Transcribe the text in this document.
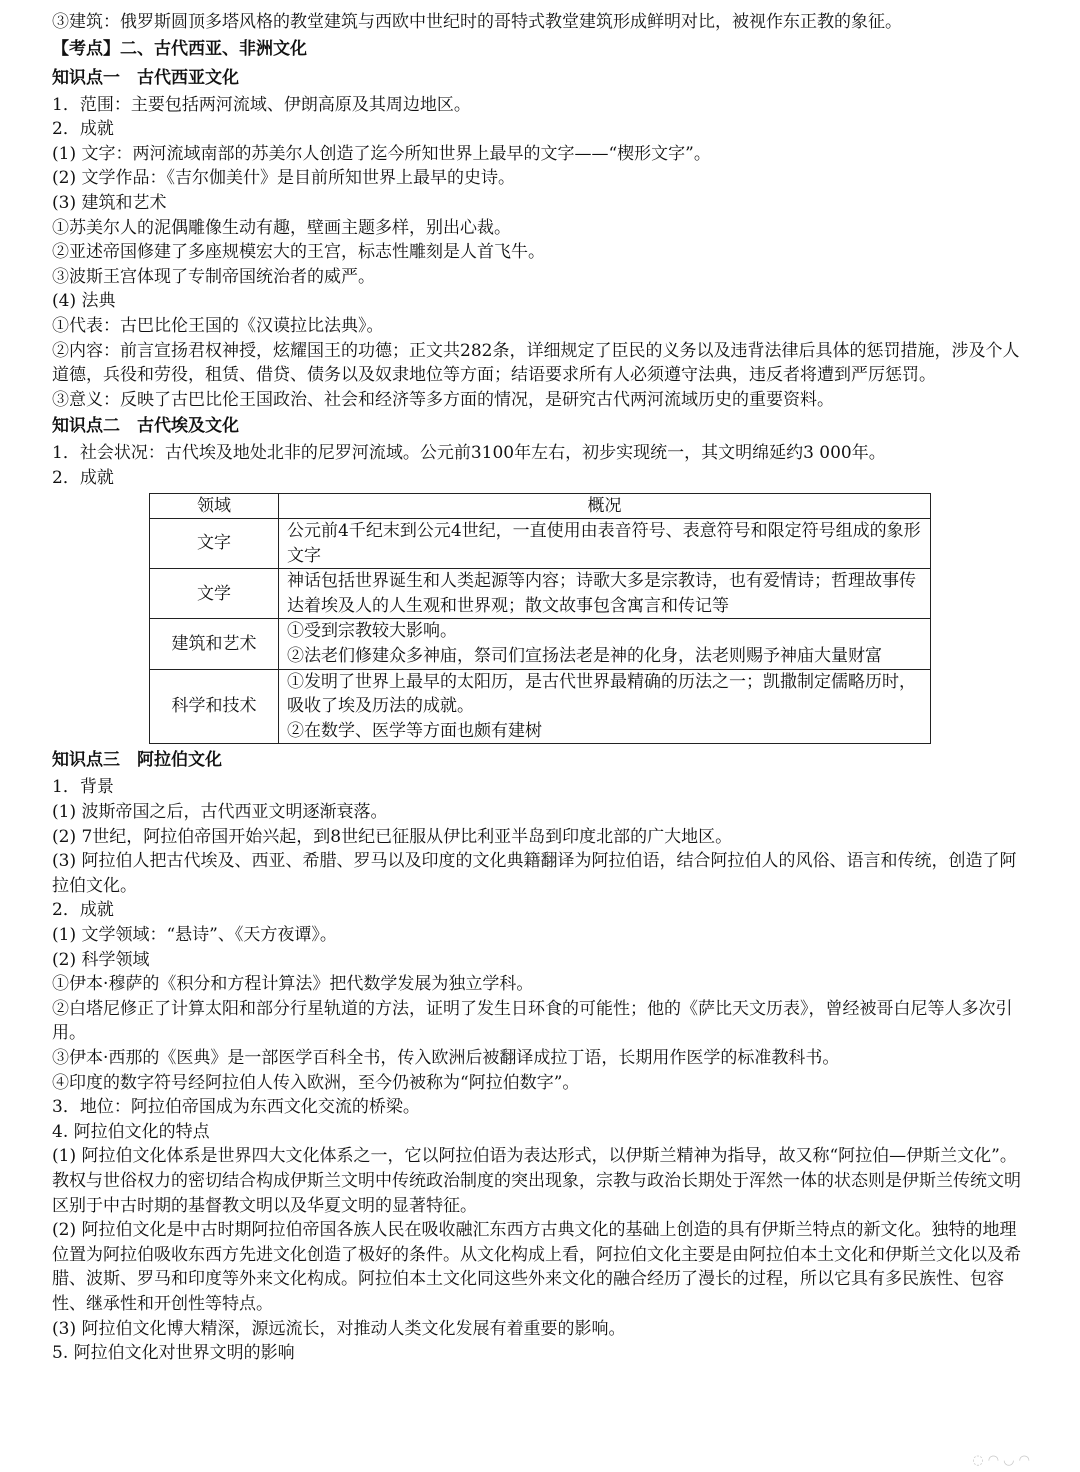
③建筑：俄罗斯圆顶多塔风格的教堂建筑与西欧中世纪时的哥特式教堂建筑形成鲜明对比，被视作东正教的象征。
【考点】二、古代西亚、非洲文化
知识点一　古代西亚文化
1．范围：主要包括两河流域、伊朗高原及其周边地区。
2．成就
(1) 文字：两河流域南部的苏美尔人创造了迄今所知世界上最早的文字——“楔形文字”。
(2) 文学作品：《吉尔伽美什》是目前所知世界上最早的史诗。
(3) 建筑和艺术
①苏美尔人的泥偶雕像生动有趣，壁画主题多样，别出心裁。
②亚述帝国修建了多座规模宏大的王宫，标志性雕刻是人首飞牛。
③波斯王宫体现了专制帝国统治者的威严。
(4) 法典
①代表：古巴比伦王国的《汉谟拉比法典》。
②内容：前言宣扬君权神授，炫耀国王的功德；正文共282条，详细规定了臣民的义务以及违背法律后具体的惩罚措施，涉及个人道德，兵役和劳役，租赁、借贷、债务以及奴隶地位等方面；结语要求所有人必须遵守法典，违反者将遭到严厉惩罚。
③意义：反映了古巴比伦王国政治、社会和经济等多方面的情况，是研究古代两河流域历史的重要资料。
知识点二　古代埃及文化
1．社会状况：古代埃及地处北非的尼罗河流域。公元前3100年左右，初步实现统一，其文明绵延约3 000年。
2．成就
领域	概况
文字	公元前4千纪末到公元4世纪，一直使用由表音符号、表意符号和限定符号组成的象形文字
文学	神话包括世界诞生和人类起源等内容；诗歌大多是宗教诗，也有爱情诗；哲理故事传达着埃及人的人生观和世界观；散文故事包含寓言和传记等
建筑和艺术	①受到宗教较大影响。
②法老们修建众多神庙，祭司们宣扬法老是神的化身，法老则赐予神庙大量财富
科学和技术	①发明了世界上最早的太阳历，是古代世界最精确的历法之一；凯撒制定儒略历时，吸收了埃及历法的成就。
②在数学、医学等方面也颇有建树
知识点三　阿拉伯文化
1．背景
(1) 波斯帝国之后，古代西亚文明逐渐衰落。
(2) 7世纪，阿拉伯帝国开始兴起，到8世纪已征服从伊比利亚半岛到印度北部的广大地区。
(3) 阿拉伯人把古代埃及、西亚、希腊、罗马以及印度的文化典籍翻译为阿拉伯语，结合阿拉伯人的风俗、语言和传统，创造了阿拉伯文化。
2．成就
(1) 文学领域：“悬诗”、《天方夜谭》。
(2) 科学领域
①伊本·穆萨的《积分和方程计算法》把代数学发展为独立学科。
②白塔尼修正了计算太阳和部分行星轨道的方法，证明了发生日环食的可能性；他的《萨比天文历表》，曾经被哥白尼等人多次引用。
③伊本·西那的《医典》是一部医学百科全书，传入欧洲后被翻译成拉丁语，长期用作医学的标准教科书。
④印度的数字符号经阿拉伯人传入欧洲，至今仍被称为“阿拉伯数字”。
3．地位：阿拉伯帝国成为东西文化交流的桥梁。
4. 阿拉伯文化的特点
(1) 阿拉伯文化体系是世界四大文化体系之一，它以阿拉伯语为表达形式，以伊斯兰精神为指导，故又称“阿拉伯—伊斯兰文化”。教权与世俗权力的密切结合构成伊斯兰文明中传统政治制度的突出现象，宗教与政治长期处于浑然一体的状态则是伊斯兰传统文明区别于中古时期的基督教文明以及华夏文明的显著特征。
(2) 阿拉伯文化是中古时期阿拉伯帝国各族人民在吸收融汇东西方古典文化的基础上创造的具有伊斯兰特点的新文化。独特的地理位置为阿拉伯吸收东西方先进文化创造了极好的条件。从文化构成上看，阿拉伯文化主要是由阿拉伯本土文化和伊斯兰文化以及希腊、波斯、罗马和印度等外来文化构成。阿拉伯本土文化同这些外来文化的融合经历了漫长的过程，所以它具有多民族性、包容性、继承性和开创性等特点。
(3) 阿拉伯文化博大精深，源远流长，对推动人类文化发展有着重要的影响。
5. 阿拉伯文化对世界文明的影响
◌ ◠ ◡ ◠
